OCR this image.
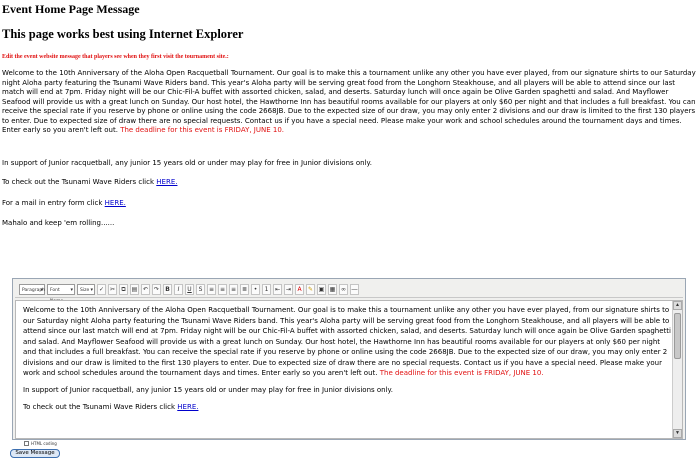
Event Home Page Message
This page works best using Internet Explorer
Edit the event website message that players see when they first visit the tournament site.:
Welcome to the 10th Anniversary of the Aloha Open Racquetball Tournament. Our goal is to make this a tournament unlike any other you have ever played, from our signature shirts to our Saturday night Aloha party featuring the Tsunami Wave Riders band. This year's Aloha party will be serving great food from the Longhorn Steakhouse, and all players will be able to attend since our last match will end at 7pm. Friday night will be our Chic-Fil-A buffet with assorted chicken, salad, and deserts. Saturday lunch will once again be Olive Garden spaghetti and salad. And Mayflower Seafood will provide us with a great lunch on Sunday. Our host hotel, the Hawthorne Inn has beautiful rooms available for our players at only $60 per night and that includes a full breakfast. You can receive the special rate if you reserve by phone or online using the code 2668JB. Due to the expected size of our draw, you may only enter 2 divisions and our draw is limited to the first 130 players to enter. Due to expected size of draw there are no special requests. Contact us if you have a special need. Please make your work and school schedules around the tournament days and times. Enter early so you aren't left out. The deadline for this event is FRIDAY, JUNE 10.
In support of Junior racquetball, any junior 15 years old or under may play for free in Junior divisions only.
To check out the Tsunami Wave Riders click HERE.
For a mail in entry form click HERE.
Mahalo and keep 'em rolling......
Paragraph ▾	Font ▾	Size ▾	✓ ✂	⧉	▤ ↶ ↷	B	I	U	S	≡ ≡ ≡ ≣	•	1	⇤ ⇥	A	✎ ▣ ▦ ∞ ―
Welcome to the 10th Anniversary of the Aloha Open Racquetball Tournament. Our goal is to make this a tournament unlike any other you have ever played, from our signature shirts to our Saturday night Aloha party featuring the Tsunami Wave Riders band. This year's Aloha party will be serving great food from the Longhorn Steakhouse, and all players will be able to attend since our last match will end at 7pm. Friday night will be our Chic-Fil-A buffet with assorted chicken, salad, and deserts. Saturday lunch will once again be Olive Garden spaghetti and salad. And Mayflower Seafood will provide us with a great lunch on Sunday. Our host hotel, the Hawthorne Inn has beautiful rooms available for our players at only $60 per night and that includes a full breakfast. You can receive the special rate if you reserve by phone or online using the code 2668JB. Due to the expected size of our draw, you may only enter 2 divisions and our draw is limited to the first 130 players to enter. Due to expected size of draw there are no special requests. Contact us if you have a special need. Please make your work and school schedules around the tournament days and times. Enter early so you aren't left out. The deadline for this event is FRIDAY, JUNE 10.
In support of Junior racquetball, any junior 15 years old or under may play for free in Junior divisions only.
To check out the Tsunami Wave Riders click HERE.
▲
▼
HTML coding
Save Message
